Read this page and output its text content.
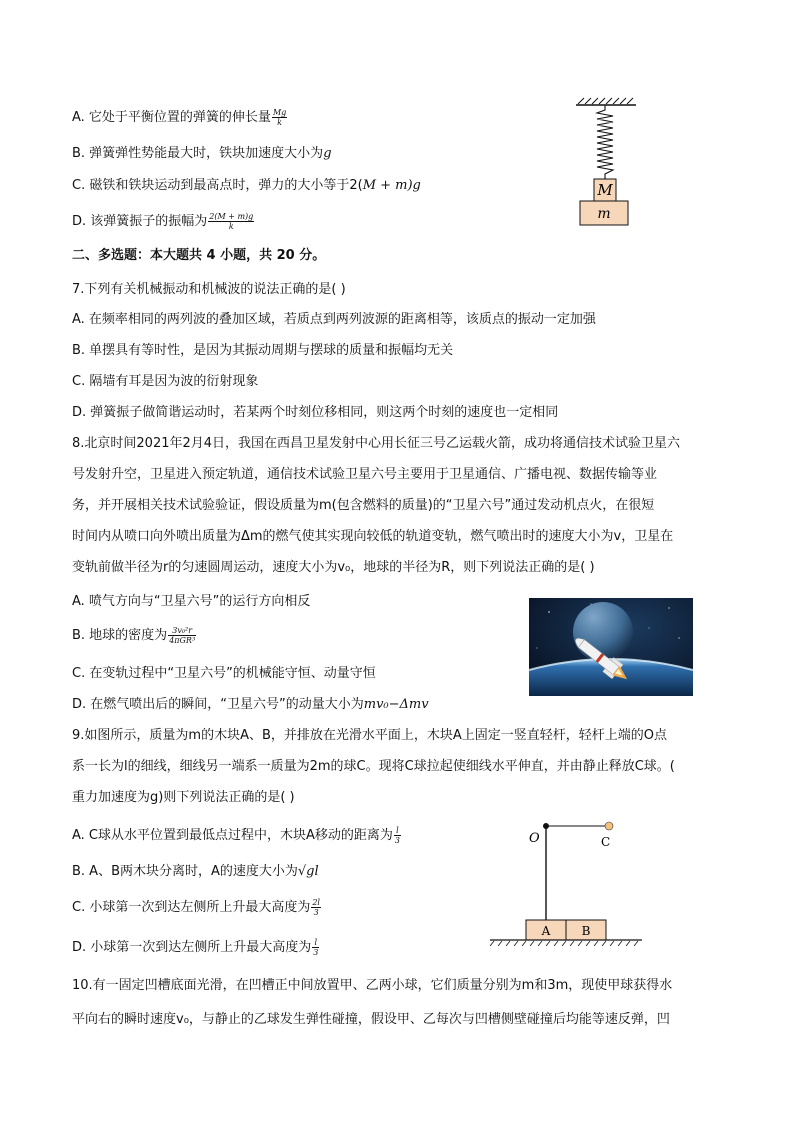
A. 它处于平衡位置的弹簧的伸长量 $\frac{Mg}{k}$
B. 弹簧弹性势能最大时，铁块加速度大小为g
C. 磁铁和铁块运动到最高点时，弹力的大小等于2(M + m)g
D. 该弹簧振子的振幅为 $\frac{2(M + m)g}{k}$
M
m
二、多选题：本大题共 4 小题，共 20 分。
7.下列有关机械振动和机械波的说法正确的是( )
A. 在频率相同的两列波的叠加区域，若质点到两列波源的距离相等，该质点的振动一定加强
B. 单摆具有等时性，是因为其振动周期与摆球的质量和振幅均无关
C. 隔墙有耳是因为波的衍射现象
D. 弹簧振子做简谐运动时，若某两个时刻位移相同，则这两个时刻的速度也一定相同
8.北京时间2021年2月4日，我国在西昌卫星发射中心用长征三号乙运载火箭，成功将通信技术试验卫星六
号发射升空，卫星进入预定轨道，通信技术试验卫星六号主要用于卫星通信、广播电视、数据传输等业
务，并开展相关技术试验验证，假设质量为m(包含燃料的质量)的“卫星六号”通过发动机点火，在很短
时间内从喷口向外喷出质量为Δm的燃气使其实现向较低的轨道变轨，燃气喷出时的速度大小为v，卫星在
变轨前做半径为r的匀速圆周运动，速度大小为v₀，地球的半径为R，则下列说法正确的是( )
A. 喷气方向与“卫星六号”的运行方向相反
B. 地球的密度为 $\frac{\text{3v₀²r}}{\text{4πGR³}}$
C. 在变轨过程中“卫星六号”的机械能守恒、动量守恒
D. 在燃气喷出后的瞬间，“卫星六号”的动量大小为mv₀−Δmv
9.如图所示，质量为m的木块A、B，并排放在光滑水平面上，木块A上固定一竖直轻杆，轻杆上端的O点
系一长为l的细线，细线另一端系一质量为2m的球C。现将C球拉起使细线水平伸直，并由静止释放C球。(
重力加速度为g)则下列说法正确的是( )
A. C球从水平位置到最低点过程中，木块A移动的距离为 $\frac{l}{3}$
B. A、B两木块分离时，A的速度大小为√gl
C. 小球第一次到达左侧所上升最大高度为 $\frac{2l}{3}$
D. 小球第一次到达左侧所上升最大高度为 $\frac{l}{3}$
O	C
A	B
10.有一固定凹槽底面光滑，在凹槽正中间放置甲、乙两小球，它们质量分别为m和3m，现使甲球获得水
平向右的瞬时速度v₀，与静止的乙球发生弹性碰撞，假设甲、乙每次与凹槽侧壁碰撞后均能等速反弹，凹
